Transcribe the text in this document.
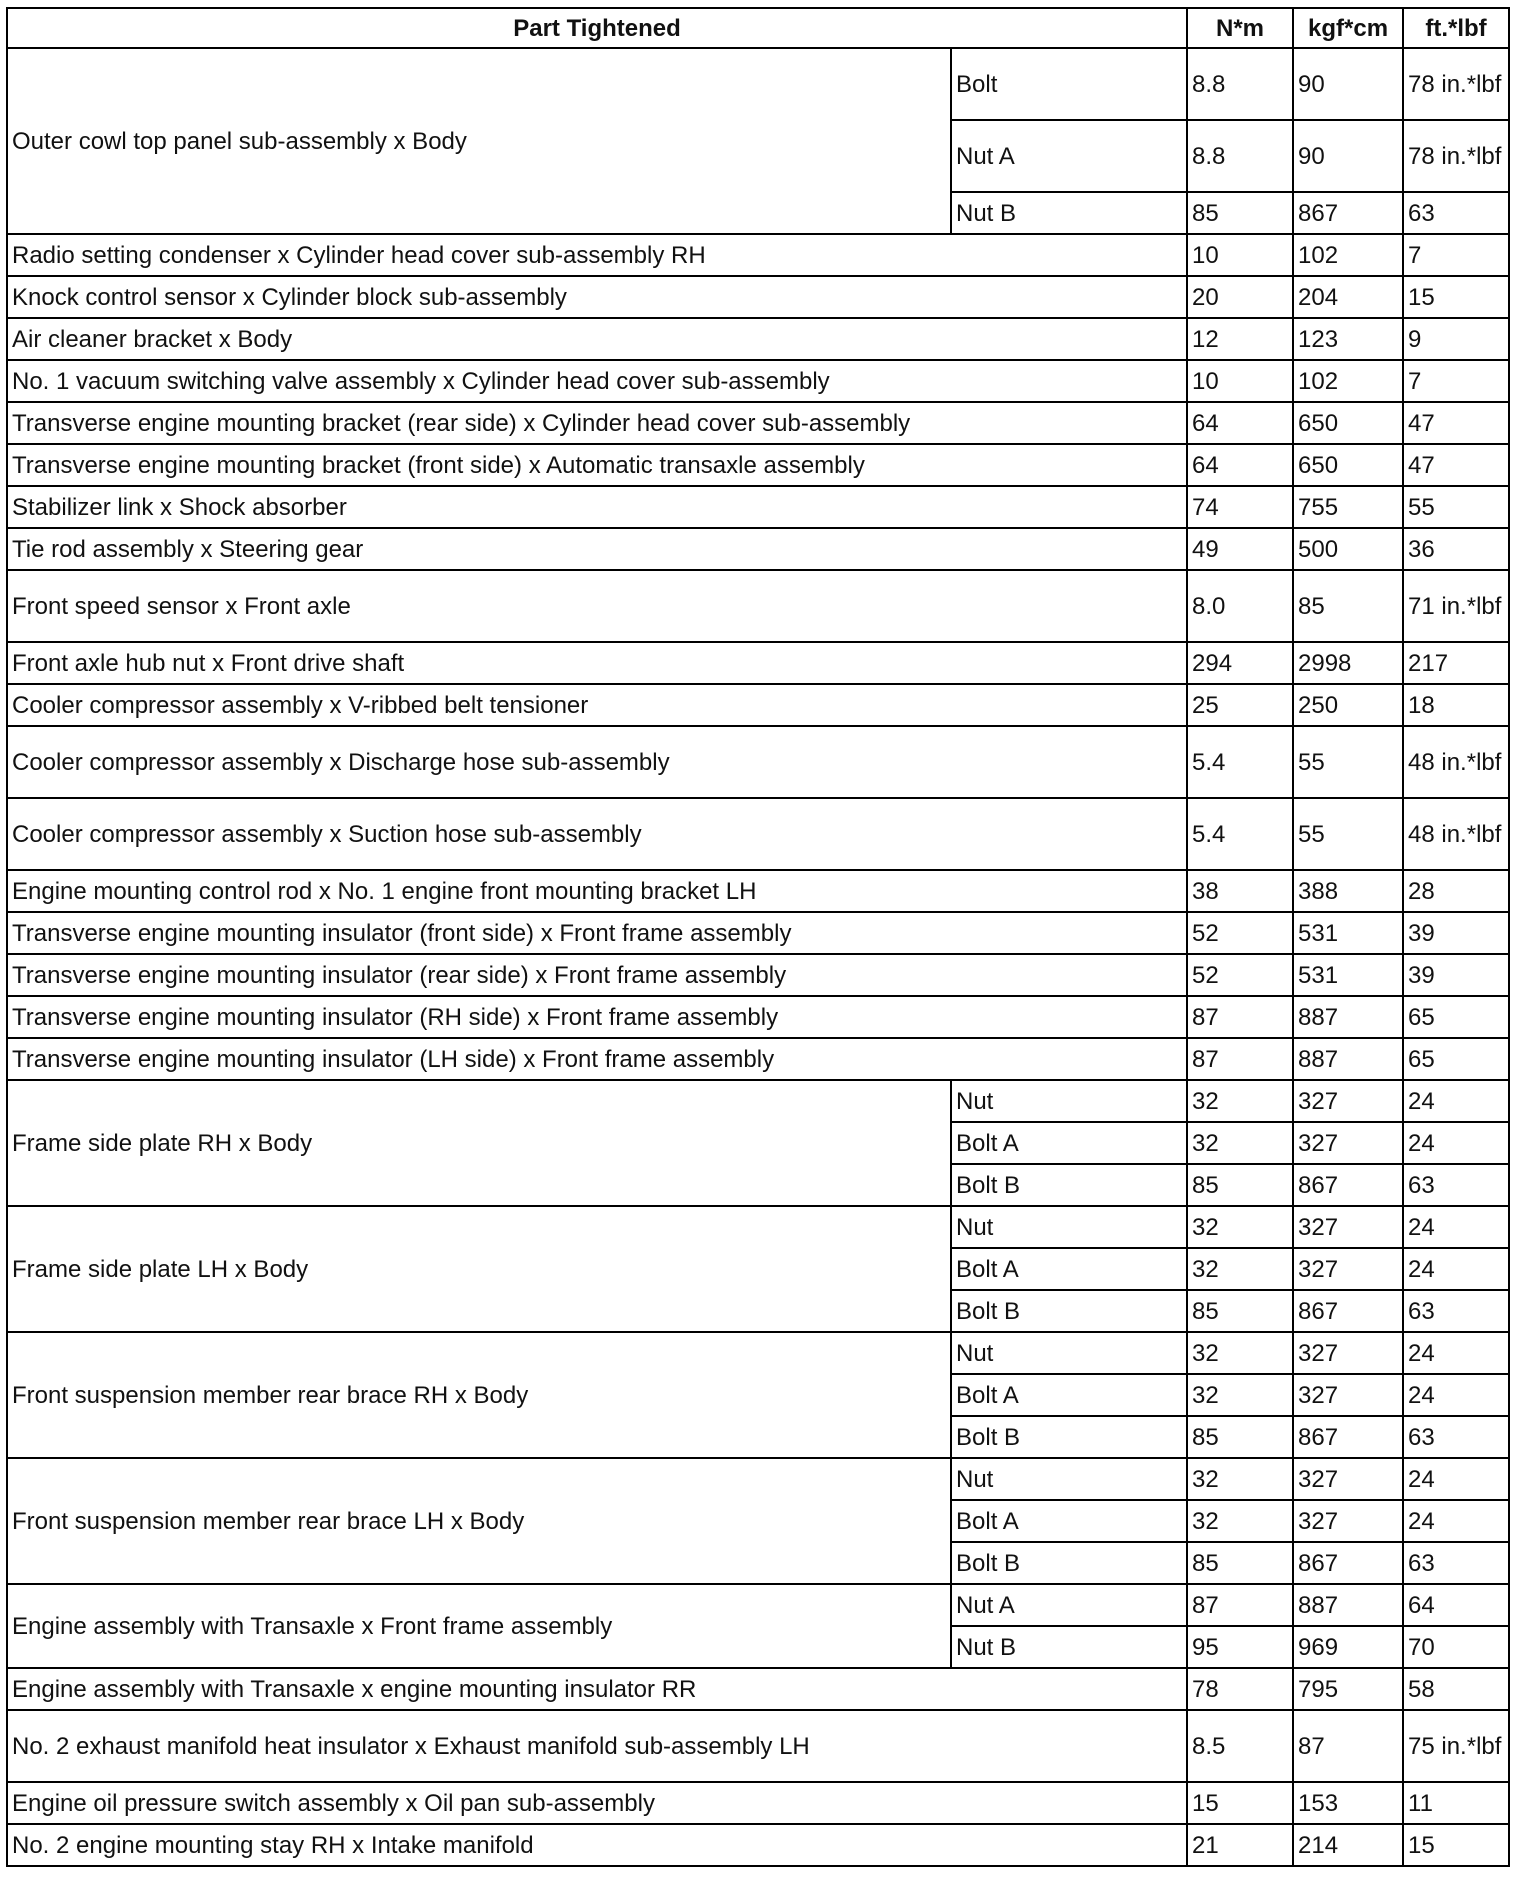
Part Tightened		N*m	kgf*cm	ft.*lbf
Outer cowl top panel sub-assembly x Body	Bolt	8.8	90	78 in.*lbf
	Nut A	8.8	90	78 in.*lbf
	Nut B	85	867	63
Radio setting condenser x Cylinder head cover sub-assembly RH		10	102	7
Knock control sensor x Cylinder block sub-assembly		20	204	15
Air cleaner bracket x Body		12	123	9
No. 1 vacuum switching valve assembly x Cylinder head cover sub-assembly		10	102	7
Transverse engine mounting bracket (rear side) x Cylinder head cover sub-assembly		64	650	47
Transverse engine mounting bracket (front side) x Automatic transaxle assembly		64	650	47
Stabilizer link x Shock absorber		74	755	55
Tie rod assembly x Steering gear		49	500	36
Front speed sensor x Front axle		8.0	85	71 in.*lbf
Front axle hub nut x Front drive shaft		294	2998	217
Cooler compressor assembly x V-ribbed belt tensioner		25	250	18
Cooler compressor assembly x Discharge hose sub-assembly		5.4	55	48 in.*lbf
Cooler compressor assembly x Suction hose sub-assembly		5.4	55	48 in.*lbf
Engine mounting control rod x No. 1 engine front mounting bracket LH		38	388	28
Transverse engine mounting insulator (front side) x Front frame assembly		52	531	39
Transverse engine mounting insulator (rear side) x Front frame assembly		52	531	39
Transverse engine mounting insulator (RH side) x Front frame assembly		87	887	65
Transverse engine mounting insulator (LH side) x Front frame assembly		87	887	65
Frame side plate RH x Body	Nut	32	327	24
	Bolt A	32	327	24
	Bolt B	85	867	63
Frame side plate LH x Body	Nut	32	327	24
	Bolt A	32	327	24
	Bolt B	85	867	63
Front suspension member rear brace RH x Body	Nut	32	327	24
	Bolt A	32	327	24
	Bolt B	85	867	63
Front suspension member rear brace LH x Body	Nut	32	327	24
	Bolt A	32	327	24
	Bolt B	85	867	63
Engine assembly with Transaxle x Front frame assembly	Nut A	87	887	64
	Nut B	95	969	70
Engine assembly with Transaxle x engine mounting insulator RR		78	795	58
No. 2 exhaust manifold heat insulator x Exhaust manifold sub-assembly LH		8.5	87	75 in.*lbf
Engine oil pressure switch assembly x Oil pan sub-assembly		15	153	11
No. 2 engine mounting stay RH x Intake manifold		21	214	15
